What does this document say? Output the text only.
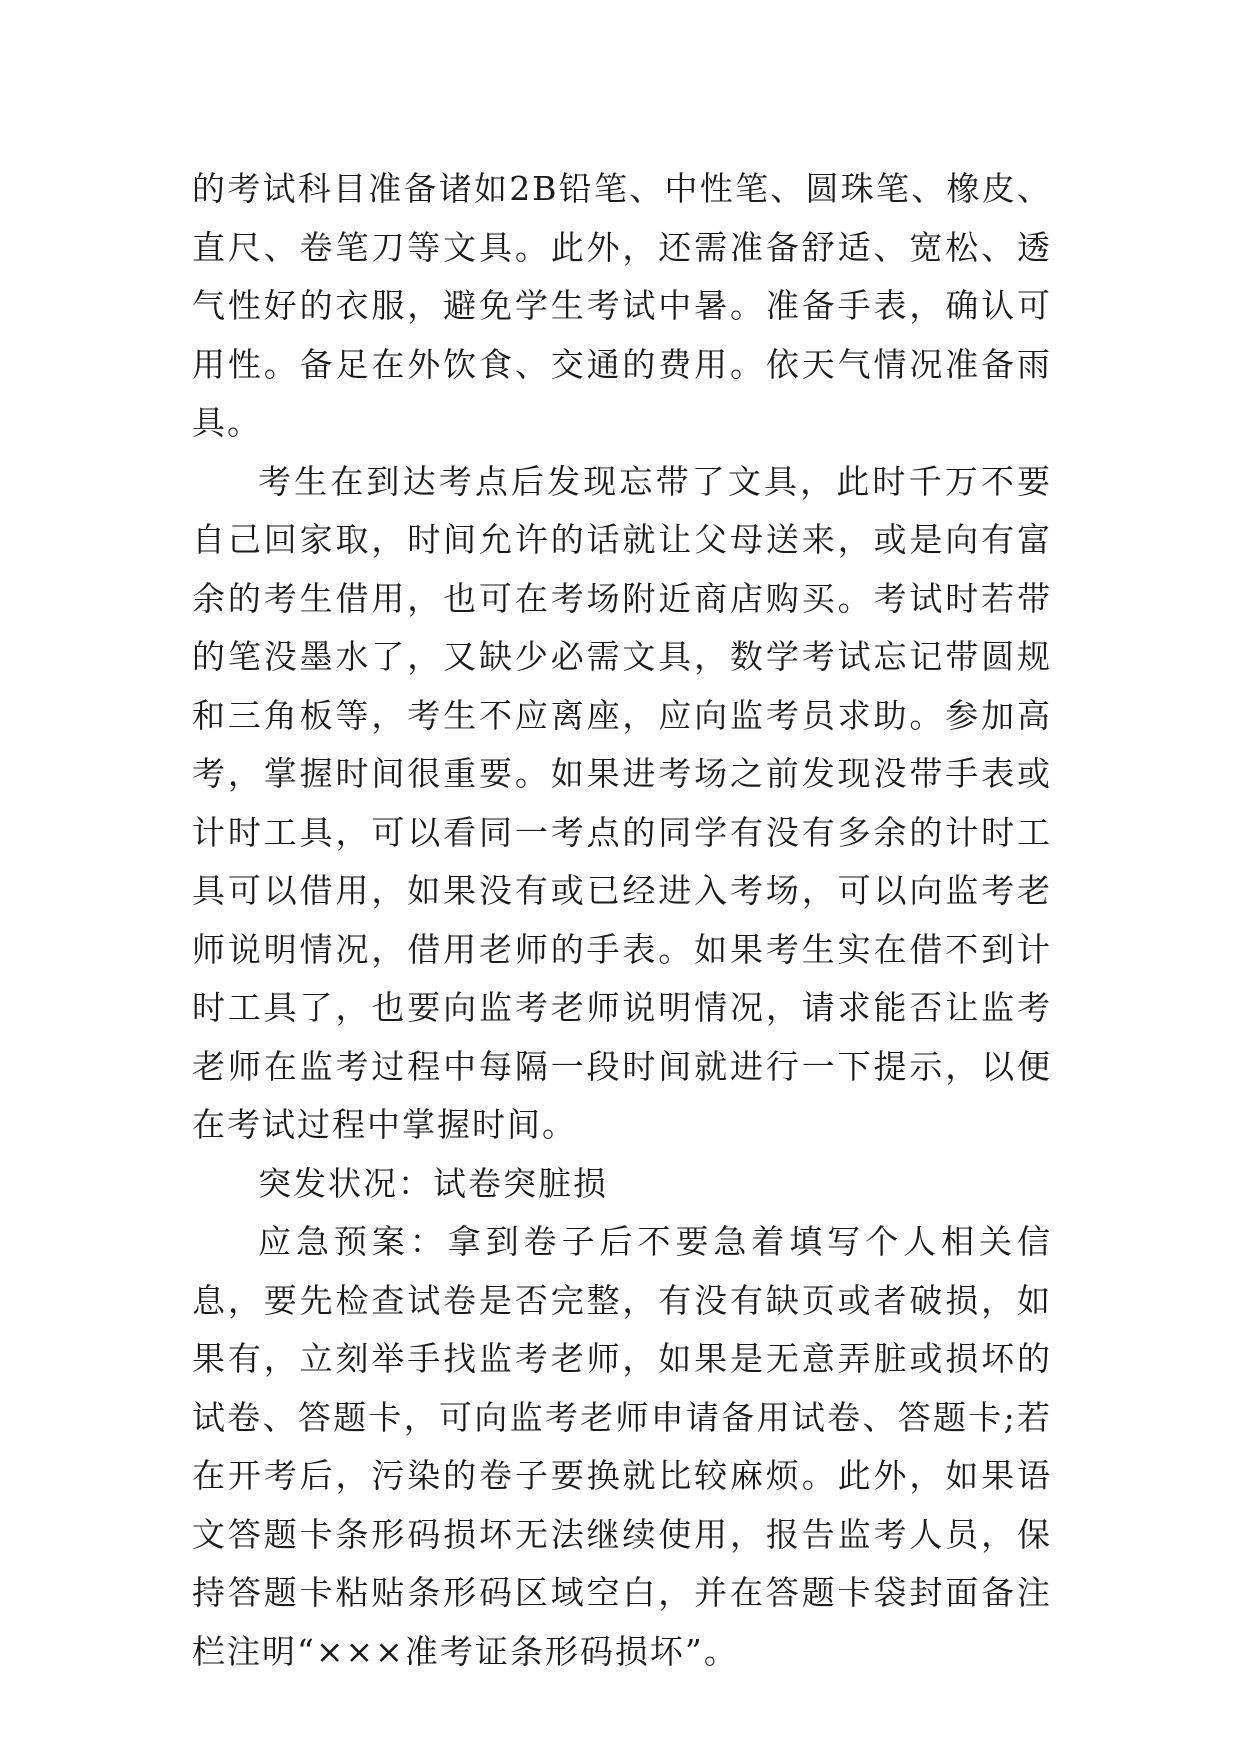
的考试科目准备诸如2B铅笔、中性笔、圆珠笔、橡皮、直尺、卷笔刀等文具。此外，还需准备舒适、宽松、透气性好的衣服，避免学生考试中暑。准备手表，确认可用性。备足在外饮食、交通的费用。依天气情况准备雨具。

考生在到达考点后发现忘带了文具，此时千万不要自己回家取，时间允许的话就让父母送来，或是向有富余的考生借用，也可在考场附近商店购买。考试时若带的笔没墨水了，又缺少必需文具，数学考试忘记带圆规和三角板等，考生不应离座，应向监考员求助。参加高考，掌握时间很重要。如果进考场之前发现没带手表或计时工具，可以看同一考点的同学有没有多余的计时工具可以借用，如果没有或已经进入考场，可以向监考老师说明情况，借用老师的手表。如果考生实在借不到计时工具了，也要向监考老师说明情况，请求能否让监考老师在监考过程中每隔一段时间就进行一下提示，以便在考试过程中掌握时间。

突发状况：试卷突脏损

应急预案：拿到卷子后不要急着填写个人相关信息，要先检查试卷是否完整，有没有缺页或者破损，如果有，立刻举手找监考老师，如果是无意弄脏或损坏的试卷、答题卡，可向监考老师申请备用试卷、答题卡;若在开考后，污染的卷子要换就比较麻烦。此外，如果语文答题卡条形码损坏无法继续使用，报告监考人员，保持答题卡粘贴条形码区域空白，并在答题卡袋封面备注栏注明“×××准考证条形码损坏”。
